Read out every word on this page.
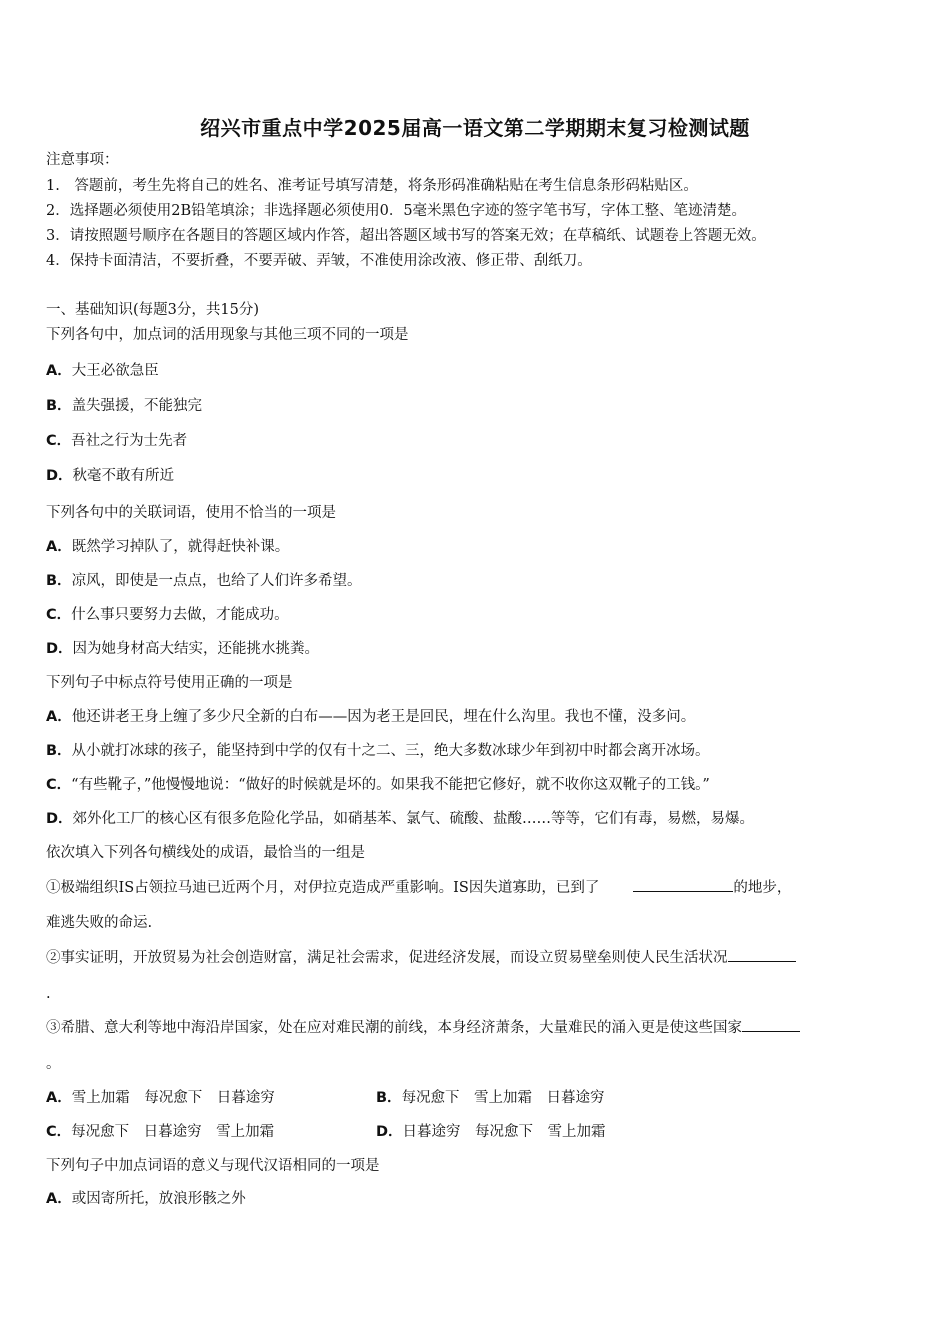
绍兴市重点中学2025届高一语文第二学期期末复习检测试题
注意事项：
1.　答题前，考生先将自己的姓名、准考证号填写清楚，将条形码准确粘贴在考生信息条形码粘贴区。
2．选择题必须使用2B铅笔填涂；非选择题必须使用0．5毫米黑色字迹的签字笔书写，字体工整、笔迹清楚。
3．请按照题号顺序在各题目的答题区域内作答，超出答题区域书写的答案无效；在草稿纸、试题卷上答题无效。
4．保持卡面清洁，不要折叠，不要弄破、弄皱，不准使用涂改液、修正带、刮纸刀。
一、基础知识(每题3分，共15分)
下列各句中，加点词的活用现象与其他三项不同的一项是
A．大王必欲急臣
B．盖失强援，不能独完
C．吾社之行为士先者
D．秋毫不敢有所近
下列各句中的关联词语，使用不恰当的一项是
A．既然学习掉队了，就得赶快补课。
B．凉风，即使是一点点，也给了人们许多希望。
C．什么事只要努力去做，才能成功。
D．因为她身材高大结实，还能挑水挑粪。
下列句子中标点符号使用正确的一项是
A．他还讲老王身上缠了多少尺全新的白布——因为老王是回民，埋在什么沟里。我也不懂，没多问。
B．从小就打冰球的孩子，能坚持到中学的仅有十之二、三，绝大多数冰球少年到初中时都会离开冰场。
C．“有些靴子，”他慢慢地说：“做好的时候就是坏的。如果我不能把它修好，就不收你这双靴子的工钱。”
D．郊外化工厂的核心区有很多危险化学品，如硝基苯、氯气、硫酸、盐酸……等等，它们有毒，易燃，易爆。
依次填入下列各句横线处的成语，最恰当的一组是
①极端组织IS占领拉马迪已近两个月，对伊拉克造成严重影响。IS因失道寡助，已到了	的地步，
难逃失败的命运.
②事实证明，开放贸易为社会创造财富，满足社会需求，促进经济发展，而设立贸易壁垒则使人民生活状况
.
③希腊、意大利等地中海沿岸国家，处在应对难民潮的前线，本身经济萧条，大量难民的涌入更是使这些国家
。
A．雪上加霜　每况愈下　日暮途穷	B．每况愈下　雪上加霜　日暮途穷
C．每况愈下　日暮途穷　雪上加霜	D．日暮途穷　每况愈下　雪上加霜
下列句子中加点词语的意义与现代汉语相同的一项是
A．或因寄所托，放浪形骸之外
